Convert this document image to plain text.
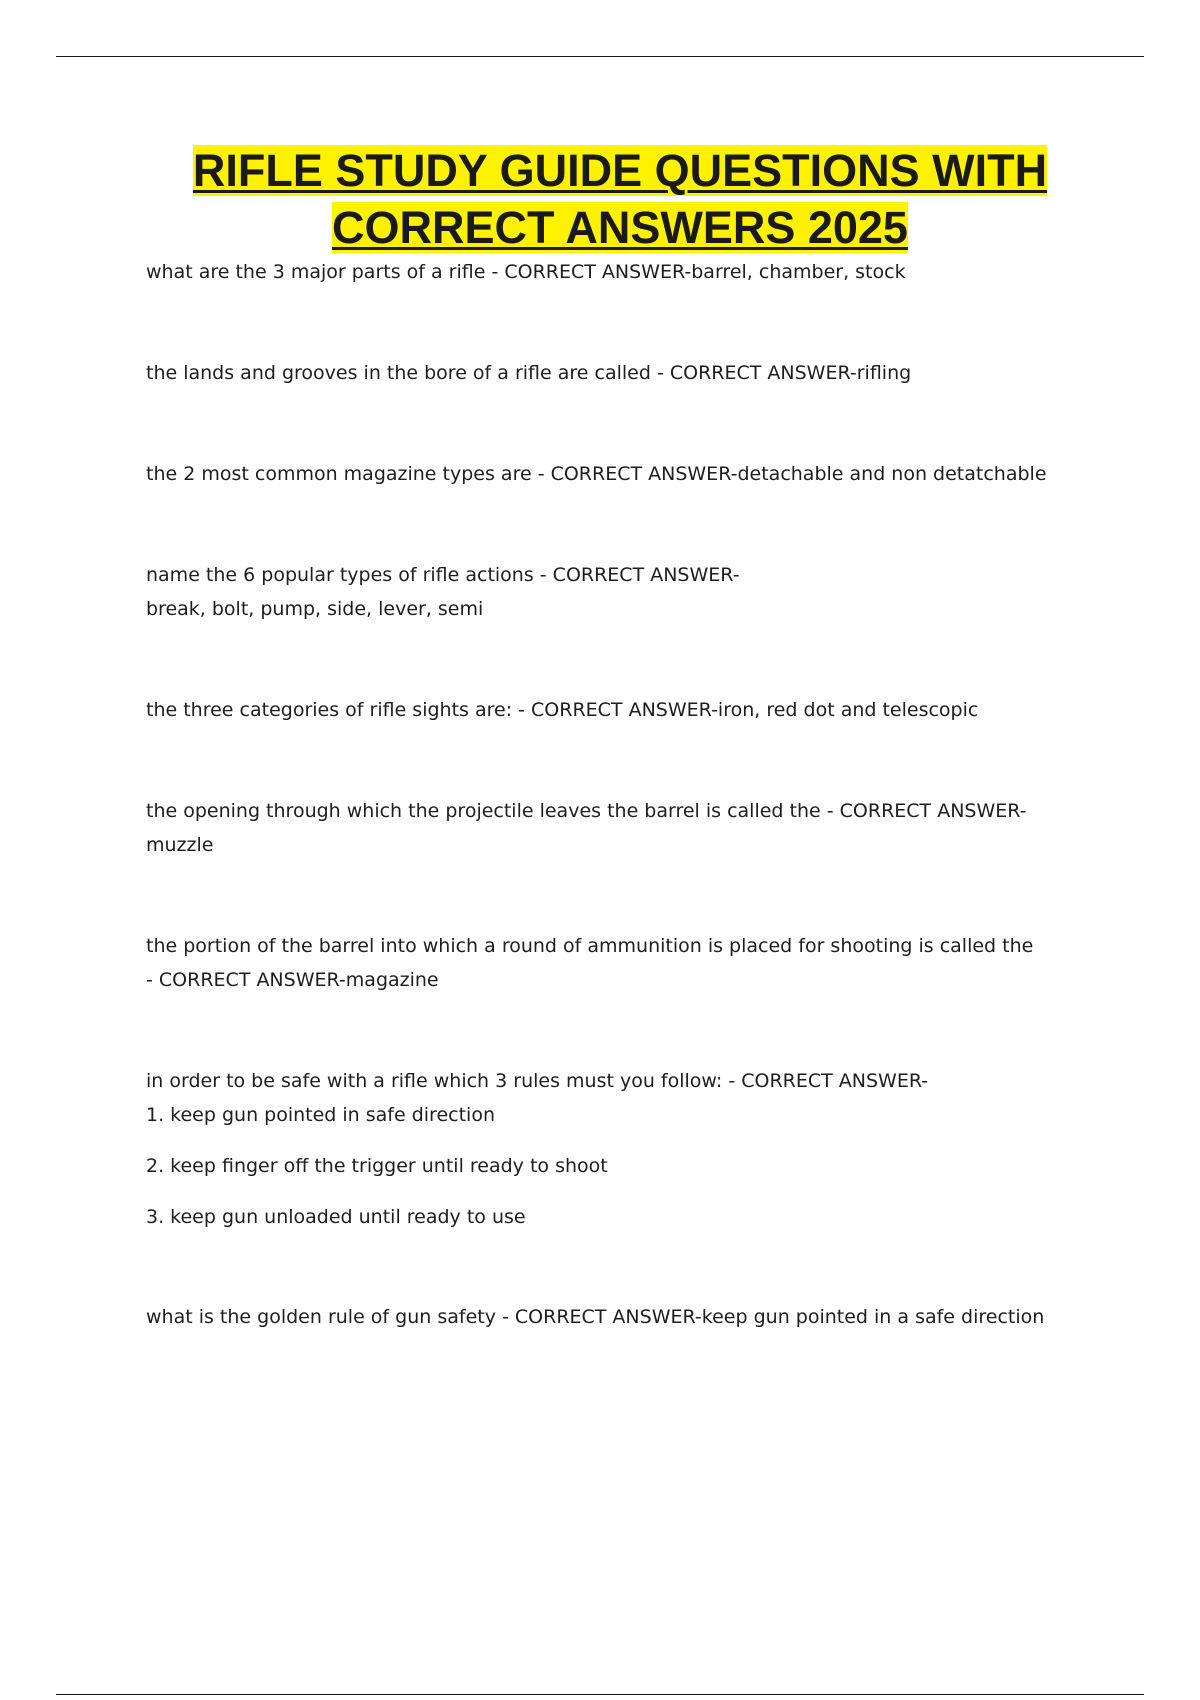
RIFLE STUDY GUIDE QUESTIONS WITH
CORRECT ANSWERS 2025

what are the 3 major parts of a rifle - CORRECT ANSWER-barrel, chamber, stock

the lands and grooves in the bore of a rifle are called - CORRECT ANSWER-rifling

the 2 most common magazine types are - CORRECT ANSWER-detachable and non detatchable

name the 6 popular types of rifle actions - CORRECT ANSWER-
break, bolt, pump, side, lever, semi

the three categories of rifle sights are: - CORRECT ANSWER-iron, red dot and telescopic

the opening through which the projectile leaves the barrel is called the - CORRECT ANSWER-
muzzle

the portion of the barrel into which a round of ammunition is placed for shooting is called the
- CORRECT ANSWER-magazine

in order to be safe with a rifle which 3 rules must you follow: - CORRECT ANSWER-
1. keep gun pointed in safe direction
2. keep finger off the trigger until ready to shoot
3. keep gun unloaded until ready to use

what is the golden rule of gun safety - CORRECT ANSWER-keep gun pointed in a safe direction
